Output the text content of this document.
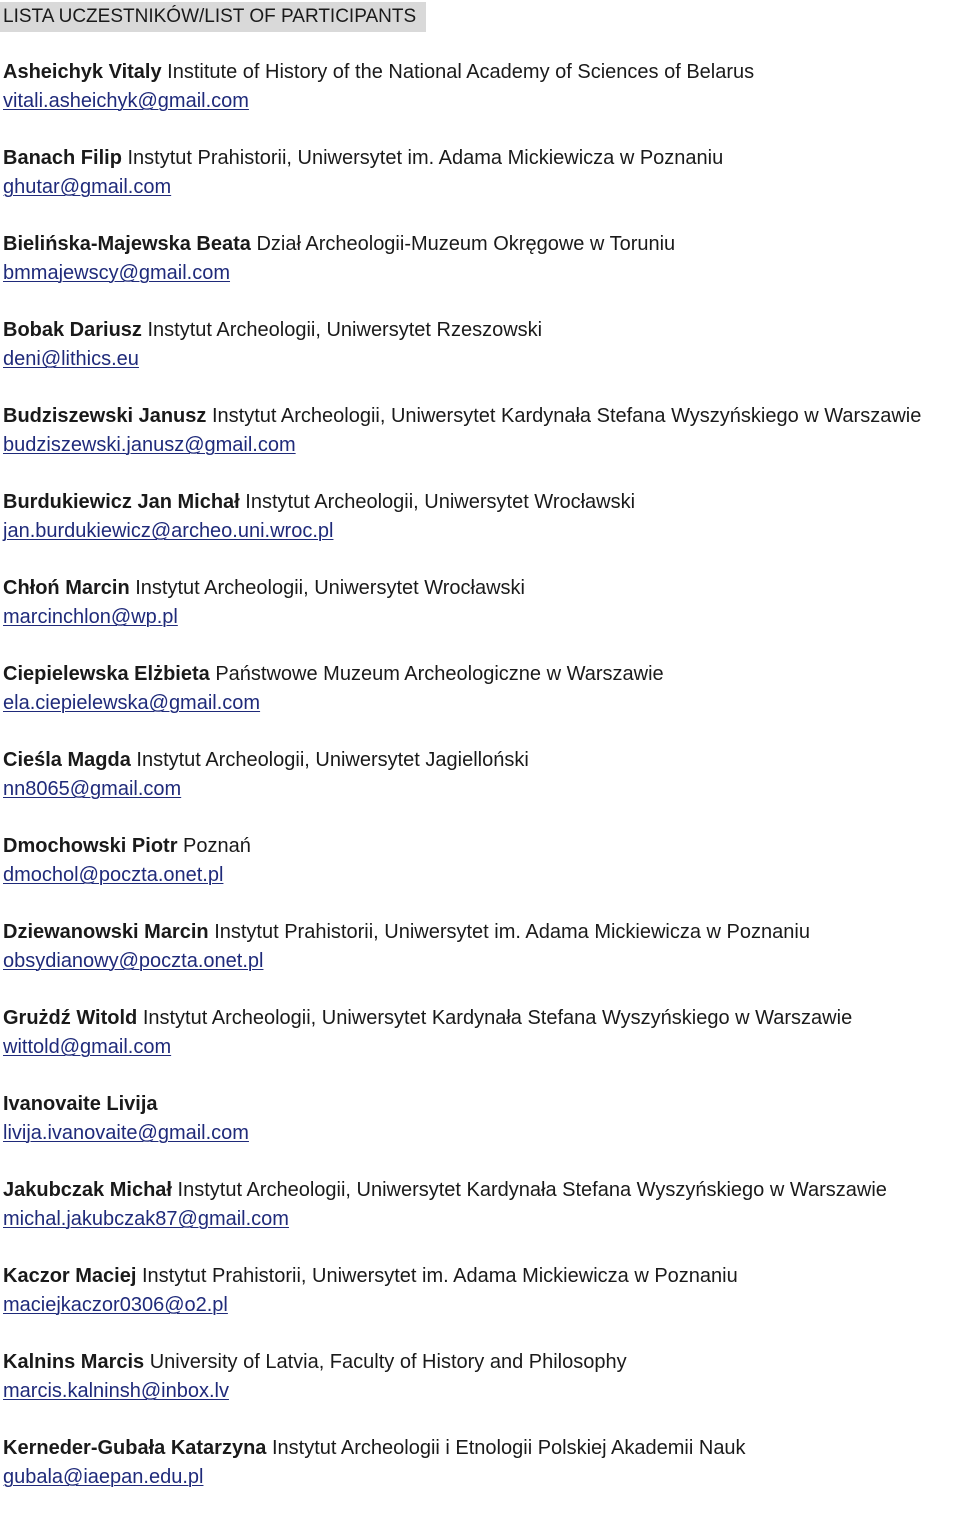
LISTA UCZESTNIKÓW/LIST OF PARTICIPANTS
Asheichyk Vitaly Institute of History of the National Academy of Sciences of Belarus
vitali.asheichyk@gmail.com
Banach Filip Instytut Prahistorii, Uniwersytet im. Adama Mickiewicza w Poznaniu
ghutar@gmail.com
Bielińska-Majewska Beata Dział Archeologii-Muzeum Okręgowe w Toruniu
bmmajewscy@gmail.com
Bobak Dariusz Instytut Archeologii, Uniwersytet Rzeszowski
deni@lithics.eu
Budziszewski Janusz Instytut Archeologii, Uniwersytet Kardynała Stefana Wyszyńskiego w Warszawie
budziszewski.janusz@gmail.com
Burdukiewicz Jan Michał Instytut Archeologii, Uniwersytet Wrocławski
jan.burdukiewicz@archeo.uni.wroc.pl
Chłoń Marcin Instytut Archeologii, Uniwersytet Wrocławski
marcinchlon@wp.pl
Ciepielewska Elżbieta Państwowe Muzeum Archeologiczne w Warszawie
ela.ciepielewska@gmail.com
Cieśla Magda Instytut Archeologii, Uniwersytet Jagielloński
nn8065@gmail.com
Dmochowski Piotr Poznań
dmochol@poczta.onet.pl
Dziewanowski Marcin Instytut Prahistorii, Uniwersytet im. Adama Mickiewicza w Poznaniu
obsydianowy@poczta.onet.pl
Grużdź Witold Instytut Archeologii, Uniwersytet Kardynała Stefana Wyszyńskiego w Warszawie
wittold@gmail.com
Ivanovaite Livija
livija.ivanovaite@gmail.com
Jakubczak Michał Instytut Archeologii, Uniwersytet Kardynała Stefana Wyszyńskiego w Warszawie
michal.jakubczak87@gmail.com
Kaczor Maciej Instytut Prahistorii, Uniwersytet im. Adama Mickiewicza w Poznaniu
maciejkaczor0306@o2.pl
Kalnins Marcis University of Latvia, Faculty of History and Philosophy
marcis.kalninsh@inbox.lv
Kerneder-Gubała Katarzyna Instytut Archeologii i Etnologii Polskiej Akademii Nauk
gubala@iaepan.edu.pl
